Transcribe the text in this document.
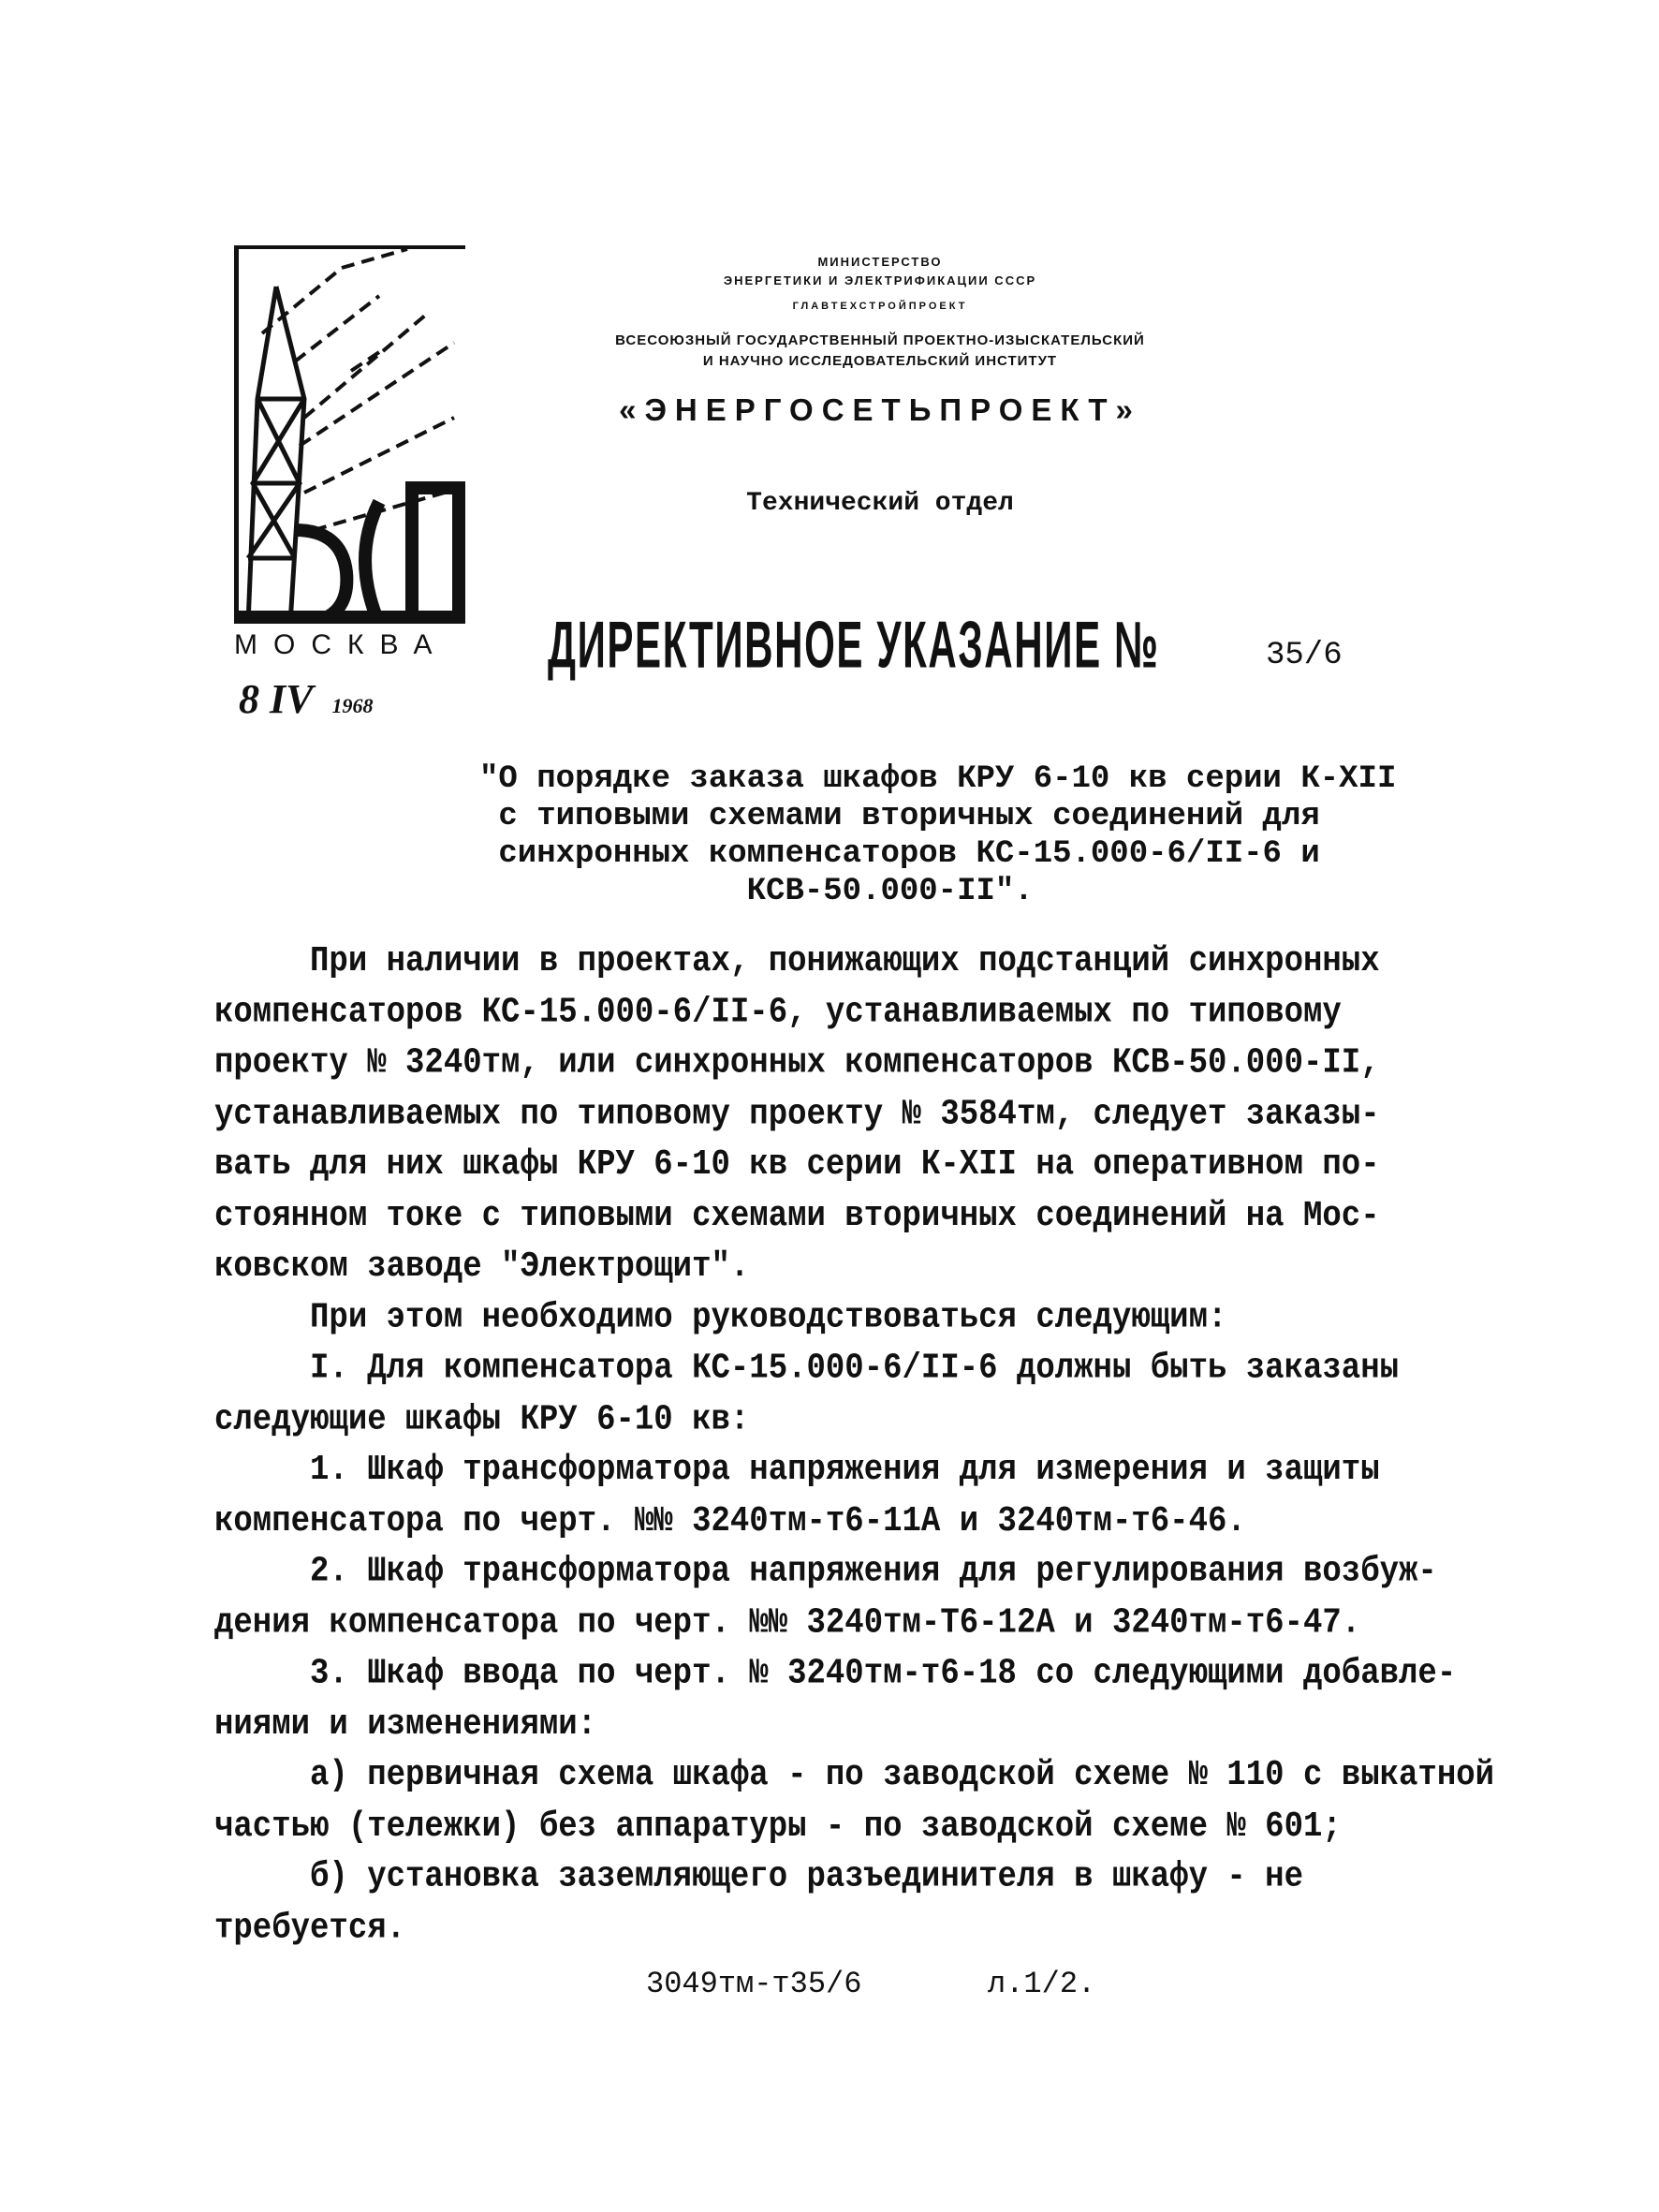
МОСКВА
8 IV 1968
МИНИСТЕРСТВО
ЭНЕРГЕТИКИ И ЭЛЕКТРИФИКАЦИИ СССР
ГЛАВТЕХСТРОЙПРОЕКТ
ВСЕСОЮЗНЫЙ ГОСУДАРСТВЕННЫЙ ПРОЕКТНО-ИЗЫСКАТЕЛЬСКИЙ
И НАУЧНО ИССЛЕДОВАТЕЛЬСКИЙ ИНСТИТУТ
«ЭНЕРГОСЕТЬПРОЕКТ»
Технический отдел
ДИРЕКТИВНОЕ УКАЗАНИЕ №	35/6
"О порядке заказа шкафов КРУ 6-10 кв серии К-XII
с типовыми схемами вторичных соединений для
синхронных компенсаторов КС-15.000-6/II-6 и
КСВ-50.000-II".
При наличии в проектах, понижающих подстанций синхронных
компенсаторов КС-15.000-6/II-6, устанавливаемых по типовому
проекту № 3240тм, или синхронных компенсаторов КСВ-50.000-II,
устанавливаемых по типовому проекту № 3584тм, следует заказы-
вать для них шкафы КРУ 6-10 кв серии К-XII на оперативном по-
стоянном токе с типовыми схемами вторичных соединений на Мос-
ковском заводе "Электрощит".
При этом необходимо руководствоваться следующим:
I. Для компенсатора КС-15.000-6/II-6 должны быть заказаны
следующие шкафы КРУ 6-10 кв:
1. Шкаф трансформатора напряжения для измерения и защиты
компенсатора по черт. №№ 3240тм-т6-11А и 3240тм-т6-46.
2. Шкаф трансформатора напряжения для регулирования возбуж-
дения компенсатора по черт. №№ 3240тм-Т6-12А и 3240тм-т6-47.
3. Шкаф ввода по черт. № 3240тм-т6-18 со следующими добавле-
ниями и изменениями:
а) первичная схема шкафа - по заводской схеме № 110 с выкатной
частью (тележки) без аппаратуры - по заводской схеме № 601;
б) установка заземляющего разъединителя в шкафу - не
требуется.
3049тм-т35/6	л.1/2.
